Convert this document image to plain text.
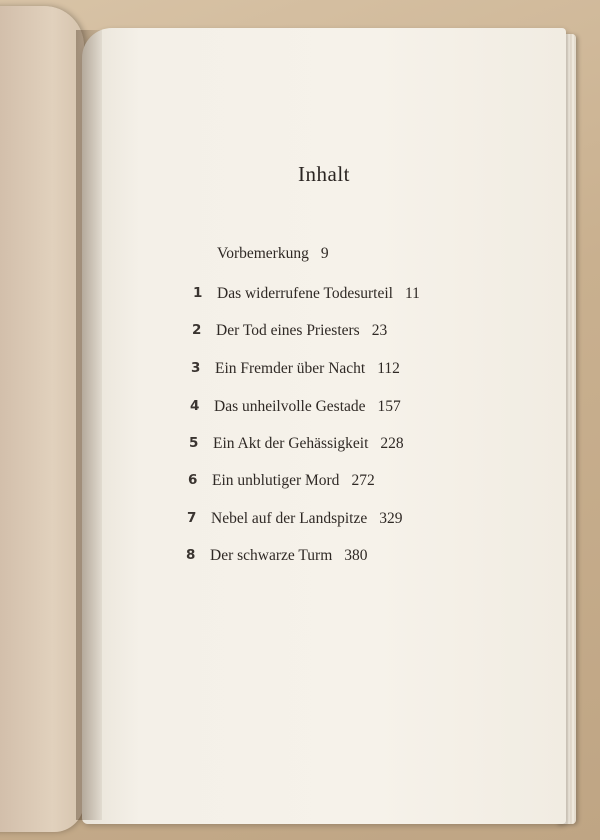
Inhalt
Vorbemerkung 9
1 Das widerrufene Todesurteil 11
2 Der Tod eines Priesters 23
3 Ein Fremder über Nacht 112
4 Das unheilvolle Gestade 157
5 Ein Akt der Gehässigkeit 228
6 Ein unblutiger Mord 272
7 Nebel auf der Landspitze 329
8 Der schwarze Turm 380
